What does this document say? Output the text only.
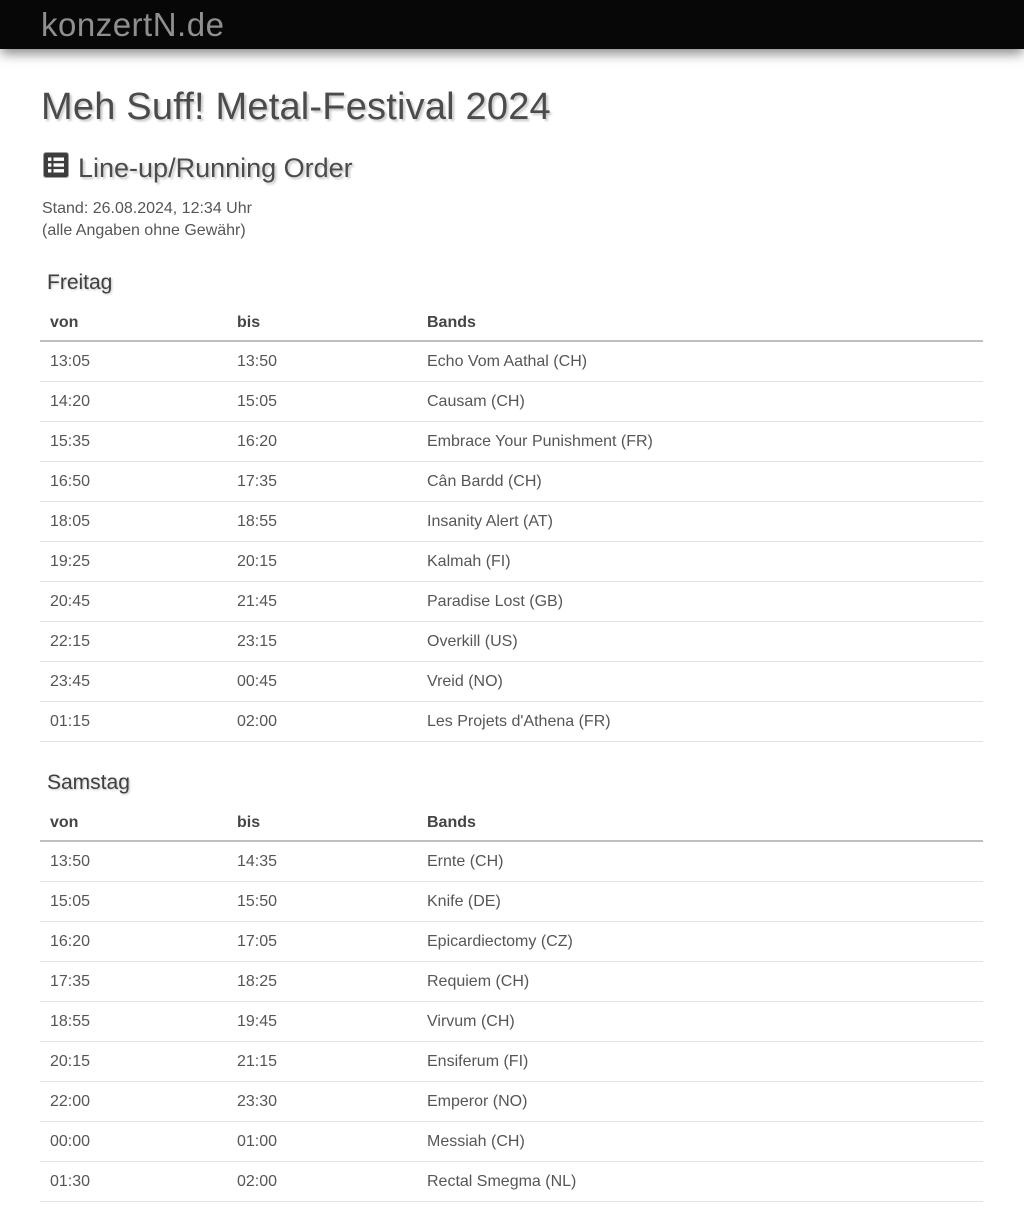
konzertN.de
Meh Suff! Metal-Festival 2024
Line-up/Running Order

Stand: 26.08.2024, 12:34 Uhr
(alle Angaben ohne Gewähr)

Freitag
von	bis	Bands
13:05	13:50	Echo Vom Aathal (CH)
14:20	15:05	Causam (CH)
15:35	16:20	Embrace Your Punishment (FR)
16:50	17:35	Cân Bardd (CH)
18:05	18:55	Insanity Alert (AT)
19:25	20:15	Kalmah (FI)
20:45	21:45	Paradise Lost (GB)
22:15	23:15	Overkill (US)
23:45	00:45	Vreid (NO)
01:15	02:00	Les Projets d'Athena (FR)
Samstag
von	bis	Bands
13:50	14:35	Ernte (CH)
15:05	15:50	Knife (DE)
16:20	17:05	Epicardiectomy (CZ)
17:35	18:25	Requiem (CH)
18:55	19:45	Virvum (CH)
20:15	21:15	Ensiferum (FI)
22:00	23:30	Emperor (NO)
00:00	01:00	Messiah (CH)
01:30	02:00	Rectal Smegma (NL)
